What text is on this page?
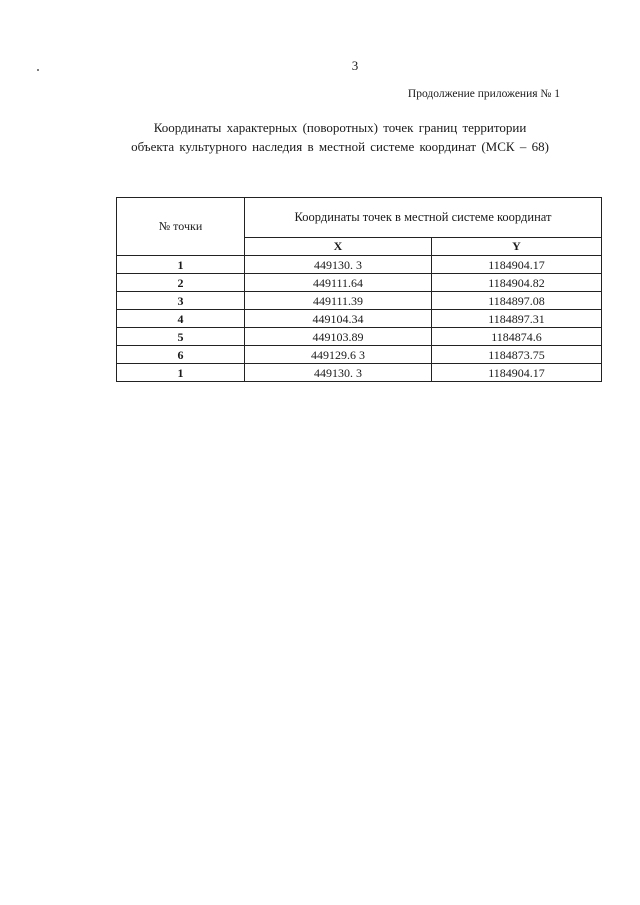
3
Продолжение приложения № 1
Координаты характерных (поворотных) точек границ территории
объекта культурного наследия в местной системе координат (МСК – 68)
№ точки	Координаты точек в местной системе координат	
	X	Y
1	449130. 3	1184904.17
2	449111.64	1184904.82
3	449111.39	1184897.08
4	449104.34	1184897.31
5	449103.89	1184874.6
6	449129.6 3	1184873.75
1	449130. 3	1184904.17
